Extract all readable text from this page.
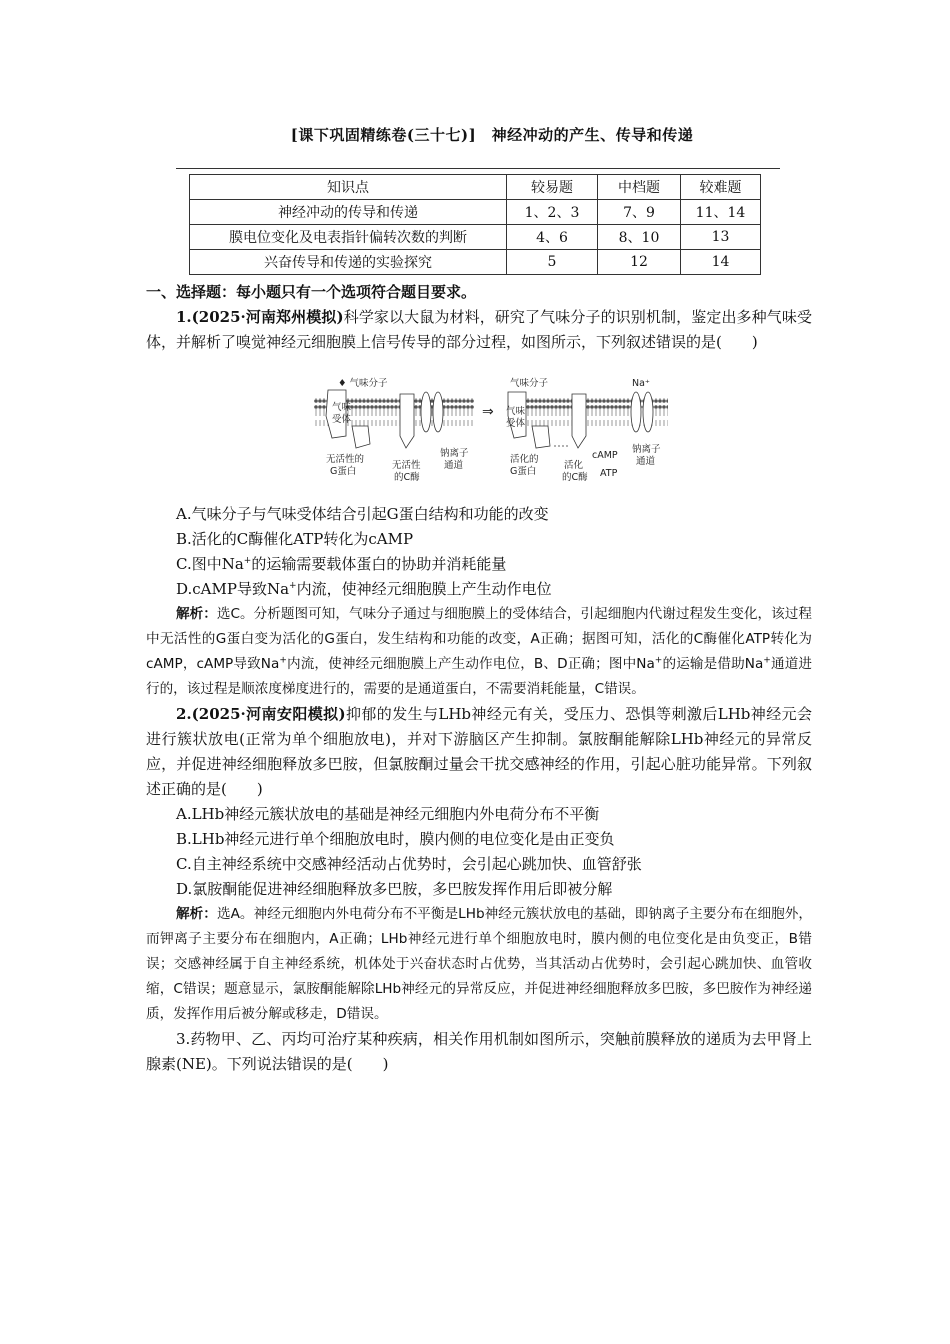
[课下巩固精练卷(三十七)]　神经冲动的产生、传导和传递
知识点	较易题	中档题	较难题
神经冲动的传导和传递	1、2、3	7、9	11、14
膜电位变化及电表指针偏转次数的判断	4、6	8、10	13
兴奋传导和传递的实验探究	5	12	14

一、选择题：每小题只有一个选项符合题目要求。

1.(2025·河南郑州模拟)科学家以大鼠为材料，研究了气味分子的识别机制，鉴定出多种气味受体，并解析了嗅觉神经元细胞膜上信号传导的部分过程，如图所示，下列叙述错误的是(　　)

气味
受体
♦ 气味分子
无活性的
G蛋白
无活性
的C酶
钠离子
通道
⇒
气味分子
气味
受体
活化的
G蛋白
活化
的C酶
cAMP
ATP
Na⁺
钠离子
通道

A.气味分子与气味受体结合引起G蛋白结构和功能的改变

B.活化的C酶催化ATP转化为cAMP

C.图中Na+的运输需要载体蛋白的协助并消耗能量

D.cAMP导致Na+内流，使神经元细胞膜上产生动作电位

解析：选C。分析题图可知，气味分子通过与细胞膜上的受体结合，引起细胞内代谢过程发生变化，该过程中无活性的G蛋白变为活化的G蛋白，发生结构和功能的改变，A正确；据图可知，活化的C酶催化ATP转化为cAMP，cAMP导致Na+内流，使神经元细胞膜上产生动作电位，B、D正确；图中Na+的运输是借助Na+通道进行的，该过程是顺浓度梯度进行的，需要的是通道蛋白，不需要消耗能量，C错误。

2.(2025·河南安阳模拟)抑郁的发生与LHb神经元有关，受压力、恐惧等刺激后LHb神经元会进行簇状放电(正常为单个细胞放电)，并对下游脑区产生抑制。氯胺酮能解除LHb神经元的异常反应，并促进神经细胞释放多巴胺，但氯胺酮过量会干扰交感神经的作用，引起心脏功能异常。下列叙述正确的是(　　)

A.LHb神经元簇状放电的基础是神经元细胞内外电荷分布不平衡

B.LHb神经元进行单个细胞放电时，膜内侧的电位变化是由正变负

C.自主神经系统中交感神经活动占优势时，会引起心跳加快、血管舒张

D.氯胺酮能促进神经细胞释放多巴胺，多巴胺发挥作用后即被分解

解析：选A。神经元细胞内外电荷分布不平衡是LHb神经元簇状放电的基础，即钠离子主要分布在细胞外，而钾离子主要分布在细胞内，A正确；LHb神经元进行单个细胞放电时，膜内侧的电位变化是由负变正，B错误；交感神经属于自主神经系统，机体处于兴奋状态时占优势，当其活动占优势时，会引起心跳加快、血管收缩，C错误；题意显示，氯胺酮能解除LHb神经元的异常反应，并促进神经细胞释放多巴胺，多巴胺作为神经递质，发挥作用后被分解或移走，D错误。

3.药物甲、乙、丙均可治疗某种疾病，相关作用机制如图所示，突触前膜释放的递质为去甲肾上腺素(NE)。下列说法错误的是(　　)
